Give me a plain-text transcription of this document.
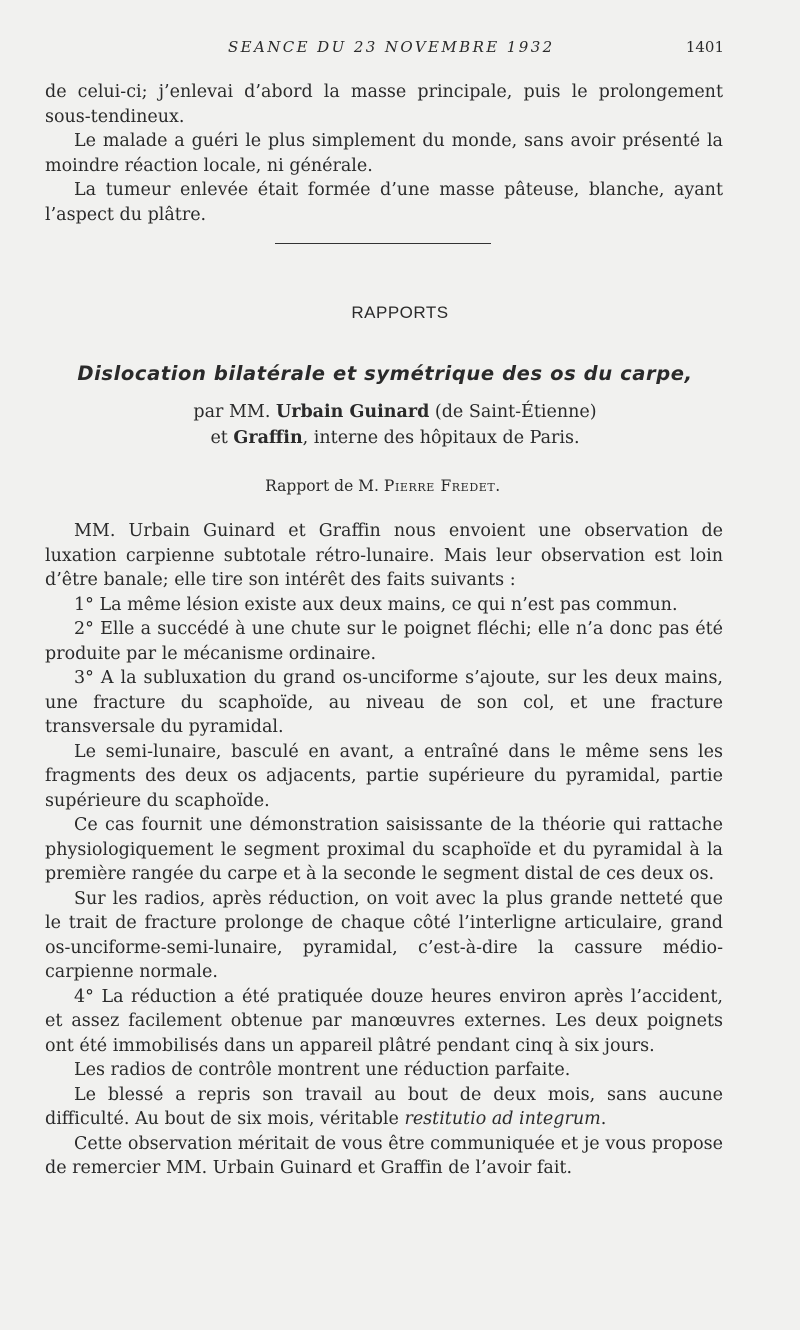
SEANCE DU 23 NOVEMBRE 1932	1401

de celui-ci; j’enlevai d’abord la masse principale, puis le prolongement sous-tendineux.

Le malade a guéri le plus simplement du monde, sans avoir présenté la moindre réaction locale, ni générale.

La tumeur enlevée était formée d’une masse pâteuse, blanche, ayant l’aspect du plâtre.

RAPPORTS
Dislocation bilatérale et symétrique des os du carpe,
par MM. Urbain Guinard (de Saint-Étienne)
et Graffin, interne des hôpitaux de Paris.
Rapport de M. Pierre Fredet.

MM. Urbain Guinard et Graffin nous envoient une observation de luxation carpienne subtotale rétro-lunaire. Mais leur observation est loin d’être banale; elle tire son intérêt des faits suivants :

1° La même lésion existe aux deux mains, ce qui n’est pas commun.

2° Elle a succédé à une chute sur le poignet fléchi; elle n’a donc pas été produite par le mécanisme ordinaire.

3° A la subluxation du grand os-unciforme s’ajoute, sur les deux mains, une fracture du scaphoïde, au niveau de son col, et une fracture transversale du pyramidal.

Le semi-lunaire, basculé en avant, a entraîné dans le même sens les fragments des deux os adjacents, partie supérieure du pyramidal, partie supérieure du scaphoïde.

Ce cas fournit une démonstration saisissante de la théorie qui rattache physiologiquement le segment proximal du scaphoïde et du pyramidal à la première rangée du carpe et à la seconde le segment distal de ces deux os.

Sur les radios, après réduction, on voit avec la plus grande netteté que le trait de fracture prolonge de chaque côté l’interligne articulaire, grand os-unciforme-semi-lunaire, pyramidal, c’est-à-dire la cassure médio-carpienne normale.

4° La réduction a été pratiquée douze heures environ après l’accident, et assez facilement obtenue par manœuvres externes. Les deux poignets ont été immobilisés dans un appareil plâtré pendant cinq à six jours.

Les radios de contrôle montrent une réduction parfaite.

Le blessé a repris son travail au bout de deux mois, sans aucune difficulté. Au bout de six mois, véritable restitutio ad integrum.

Cette observation méritait de vous être communiquée et je vous propose de remercier MM. Urbain Guinard et Graffin de l’avoir fait.
